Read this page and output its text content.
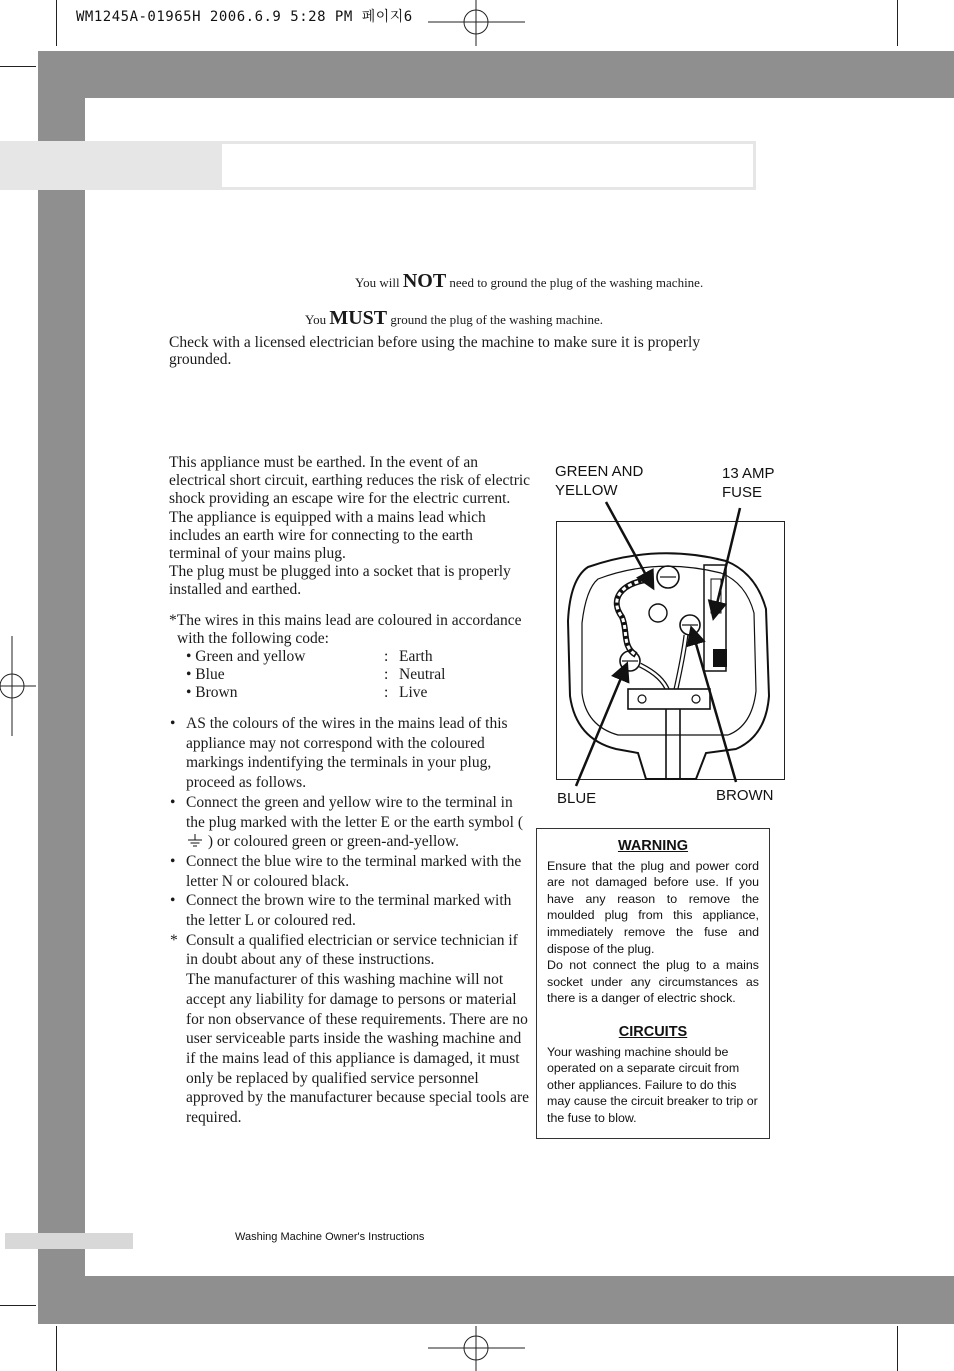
WM1245A-01965H 2006.6.9 5:28 PM 페이지6
You will NOT need to ground the plug of the washing machine.
You MUST ground the plug of the washing machine.
Check with a licensed electrician before using the machine to make sure it is properly grounded.
This appliance must be earthed. In the event of an
electrical short circuit, earthing reduces the risk of electric
shock providing an escape wire for the electric current.
The appliance is equipped with a mains lead which
includes an earth wire for connecting to the earth
terminal of your mains plug.
The plug must be plugged into a socket that is properly
installed and earthed.
*The wires in this mains lead are coloured in accordance
with the following code:
• Green and yellow	:	Earth
• Blue	:	Neutral
• Brown	:	Live
• AS the colours of the wires in the mains lead of this appliance may not correspond with the coloured markings indentifying the terminals in your plug, proceed as follows.
• Connect the green and yellow wire to the terminal in the plug marked with the letter E or the earth symbol (  ) or coloured green or green-and-yellow.
• Connect the blue wire to the terminal marked with the letter N or coloured black.
• Connect the brown wire to the terminal marked with the letter L or coloured red.
* Consult a qualified electrician or service technician if in doubt about any of these instructions.
The manufacturer of this washing machine will not accept any liability for damage to persons or material for non observance of these requirements. There are no user serviceable parts inside the washing machine and if the mains lead of this appliance is damaged, it must only be replaced by qualified service personnel approved by the manufacturer because special tools are required.
GREEN AND
YELLOW
13 AMP
FUSE
BLUE	BROWN
WARNING

Ensure that the plug and power cord are not damaged before use. If you have any reason to remove the moulded plug from this appliance, immediately remove the fuse and dispose of the plug.

Do not connect the plug to a mains socket under any circumstances as there is a danger of electric shock.

CIRCUITS

Your washing machine should be operated on a separate circuit from other appliances. Failure to do this may cause the circuit breaker to trip or the fuse to blow.

Washing Machine Owner's Instructions
